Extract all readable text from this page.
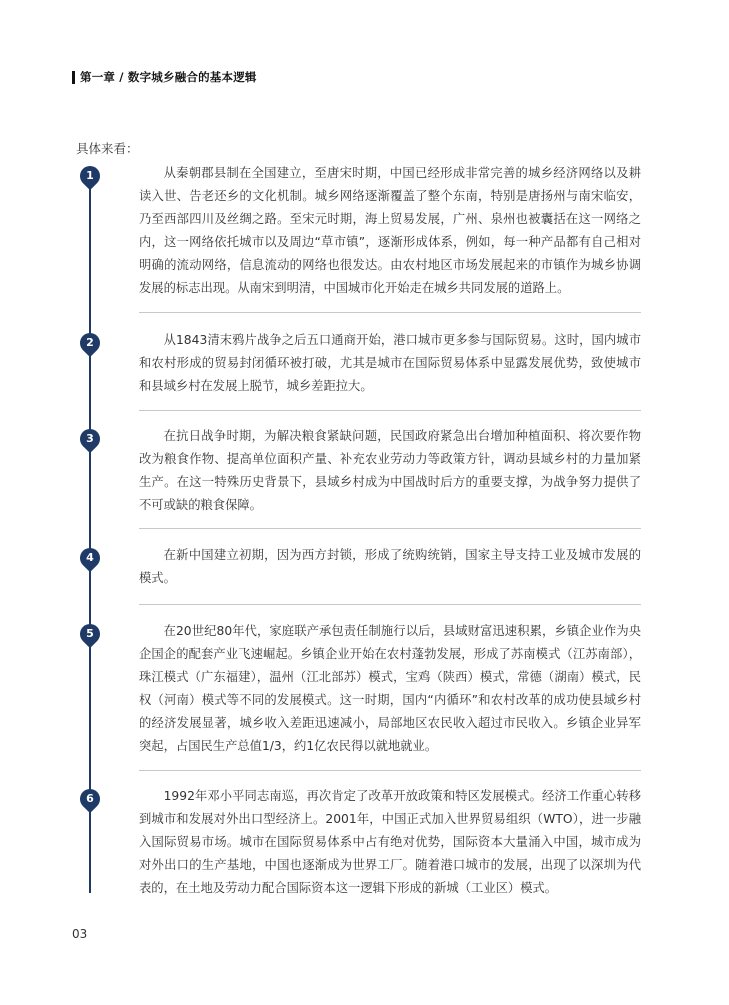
第一章 / 数字城乡融合的基本逻辑
具体来看：
1	从秦朝郡县制在全国建立，至唐宋时期，中国已经形成非常完善的城乡经济网络以及耕读入世、告老还乡的文化机制。城乡网络逐渐覆盖了整个东南，特别是唐扬州与南宋临安，乃至西部四川及丝绸之路。至宋元时期，海上贸易发展，广州、泉州也被囊括在这一网络之内，这一网络依托城市以及周边“草市镇”，逐渐形成体系，例如，每一种产品都有自己相对明确的流动网络，信息流动的网络也很发达。由农村地区市场发展起来的市镇作为城乡协调发展的标志出现。从南宋到明清，中国城市化开始走在城乡共同发展的道路上。

2	从1843清末鸦片战争之后五口通商开始，港口城市更多参与国际贸易。这时，国内城市和农村形成的贸易封闭循环被打破，尤其是城市在国际贸易体系中显露发展优势，致使城市和县域乡村在发展上脱节，城乡差距拉大。

3	在抗日战争时期，为解决粮食紧缺问题，民国政府紧急出台增加种植面积、将次要作物改为粮食作物、提高单位面积产量、补充农业劳动力等政策方针，调动县域乡村的力量加紧生产。在这一特殊历史背景下，县域乡村成为中国战时后方的重要支撑，为战争努力提供了不可或缺的粮食保障。

4	在新中国建立初期，因为西方封锁，形成了统购统销，国家主导支持工业及城市发展的模式。

5	在20世纪80年代，家庭联产承包责任制施行以后，县域财富迅速积累，乡镇企业作为央企国企的配套产业飞速崛起。乡镇企业开始在农村蓬勃发展，形成了苏南模式（江苏南部），珠江模式（广东福建），温州（江北部苏）模式，宝鸡（陕西）模式，常德（湖南）模式，民权（河南）模式等不同的发展模式。这一时期，国内“内循环”和农村改革的成功使县域乡村的经济发展显著，城乡收入差距迅速减小，局部地区农民收入超过市民收入。乡镇企业异军突起，占国民生产总值1/3，约1亿农民得以就地就业。

6	1992年邓小平同志南巡，再次肯定了改革开放政策和特区发展模式。经济工作重心转移到城市和发展对外出口型经济上。2001年，中国正式加入世界贸易组织（WTO），进一步融入国际贸易市场。城市在国际贸易体系中占有绝对优势，国际资本大量涌入中国，城市成为对外出口的生产基地，中国也逐渐成为世界工厂。随着港口城市的发展，出现了以深圳为代表的，在土地及劳动力配合国际资本这一逻辑下形成的新城（工业区）模式。

03
